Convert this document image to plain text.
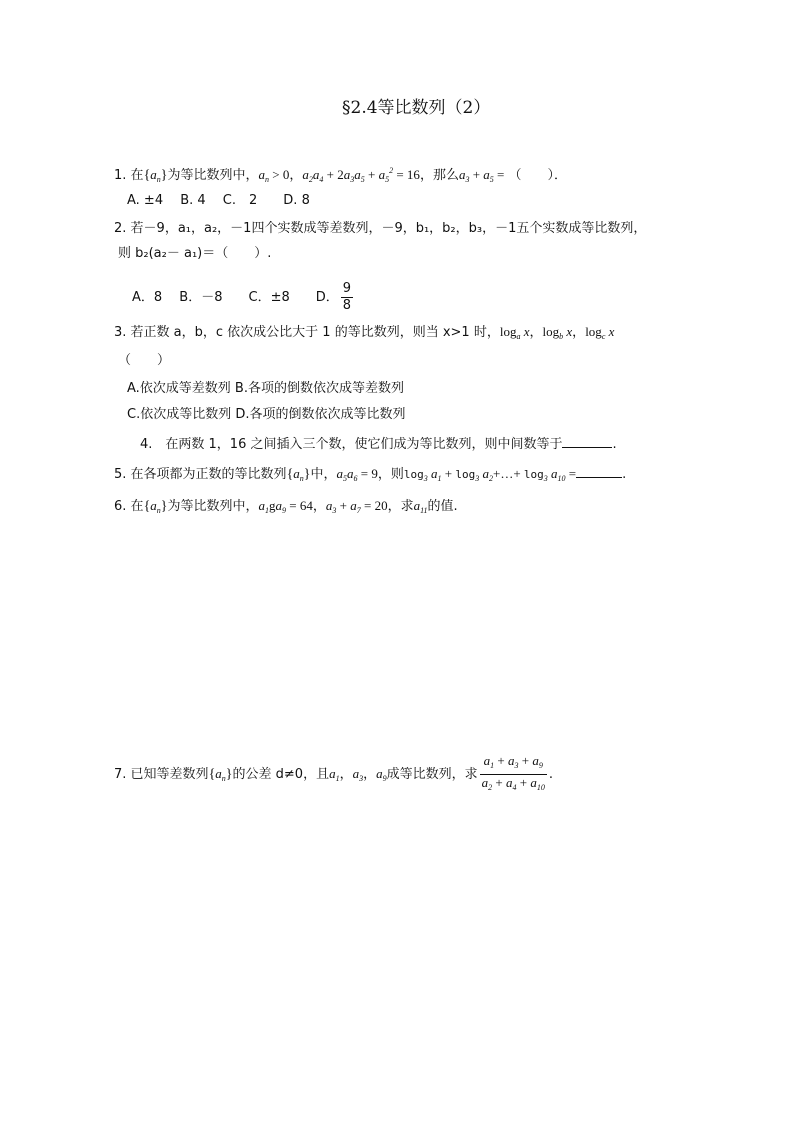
§2.4等比数列（2）
1. 在$\{a_n\}$为等比数列中，$a_n > 0$，$a_2a_4 + 2a_3a_5 + a_5^2 = 16$，那么$a_3 + a_5$ = （　　）．
A. ±4　 B. 4　 C.　2　　D. 8
2. 若－9，a₁，a₂，－1四个实数成等差数列，－9，b₁，b₂，b₃，－1五个实数成等比数列，
则 b₂(a₂－ a₁)＝（　　）.
A．8　 B．－8　　C．±8　　D． $\frac{9}{8}$
3. 若正数 a，b，c 依次成公比大于 1 的等比数列，则当 x>1 时，$\log_a x$，$\log_b x$，$\log_c x$
（　　）
A.依次成等差数列 B.各项的倒数依次成等差数列
C.依次成等比数列 D.各项的倒数依次成等比数列
4.　在两数 1，16 之间插入三个数，使它们成为等比数列，则中间数等于	.
5. 在各项都为正数的等比数列$\{a_n\}$中，$a_5a_6 = 9$，则$\log_3 a_1 + \log_3$ $a_2+\dots+ \log_3 a_{10}$ =	.
6. 在$\{a_n\}$为等比数列中，$a_1ga_9 = 64$，$a_3 + a_7 = 20$，求$a_{11}$的值.
7. 已知等差数列$\{a_n\}$的公差 d≠0，且$a_1$，$a_3$，$a_9$成等比数列，求 $\frac{a_1 + a_3 + a_9}{a_2 + a_4 + a_{10}}$ .
